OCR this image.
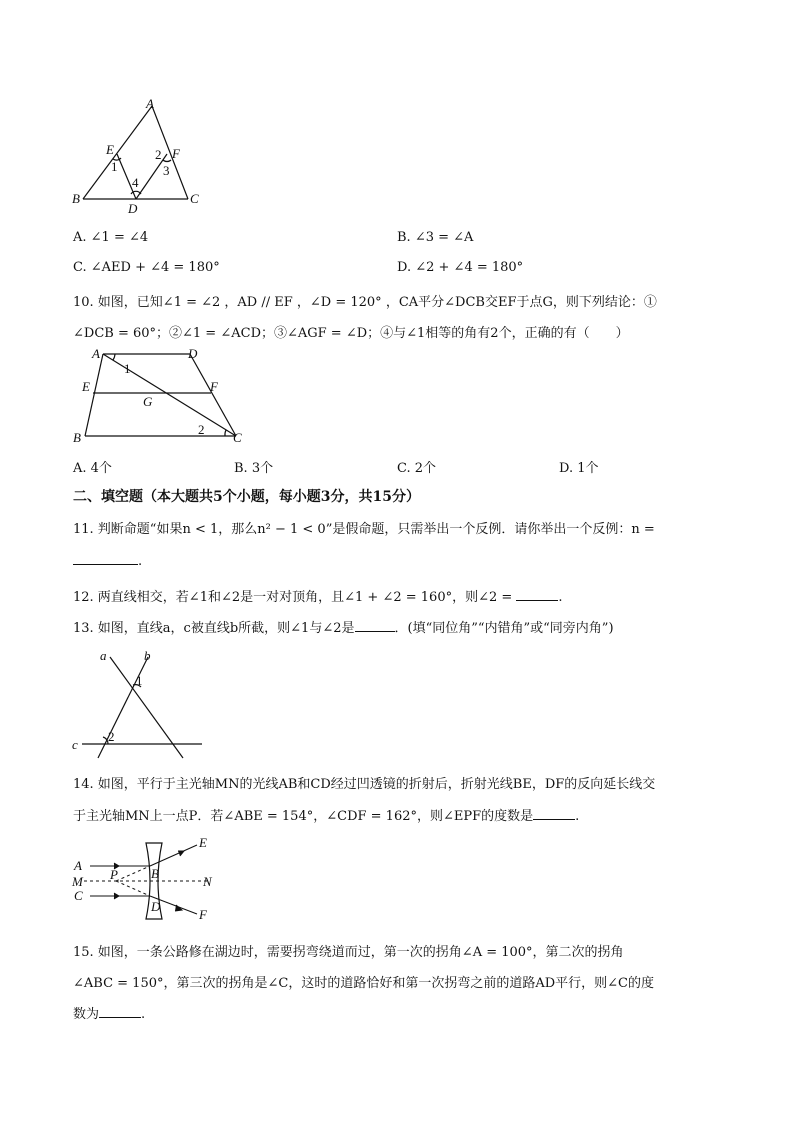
A
E	F
B	C
D
1
2
3
4
A. ∠1 = ∠4	B. ∠3 = ∠A
C. ∠AED + ∠4 = 180°	D. ∠2 + ∠4 = 180°
10. 如图，已知∠1 = ∠2 ，AD // EF ，∠D = 120° ，CA平分∠DCB交EF于点G，则下列结论：①
∠DCB = 60°；②∠1 = ∠ACD；③∠AGF = ∠D；④与∠1相等的角有2个，正确的有（　　）
A	D
E	F
G
B	C
1
2
A. 4个	B. 3个	C. 2个	D. 1个
二、填空题（本大题共5个小题，每小题3分，共15分）
11. 判断命题“如果n < 1，那么n² − 1 < 0”是假命题，只需举出一个反例．请你举出一个反例：n =
.
12. 两直线相交，若∠1和∠2是一对对顶角，且∠1 + ∠2 = 160°，则∠2 =	.
13. 如图，直线a，c被直线b所截，则∠1与∠2是	．(填“同位角”“内错角”或“同旁内角”)
a	b
c
1
2
14. 如图，平行于主光轴MN的光线AB和CD经过凹透镜的折射后，折射光线BE，DF的反向延长线交
于主光轴MN上一点P．若∠ABE = 154°，∠CDF = 162°，则∠EPF的度数是	.
A
M
C
P	B
D
E
N
F
15. 如图，一条公路修在湖边时，需要拐弯绕道而过，第一次的拐角∠A = 100°，第二次的拐角
∠ABC = 150°，第三次的拐角是∠C，这时的道路恰好和第一次拐弯之前的道路AD平行，则∠C的度
数为	.
